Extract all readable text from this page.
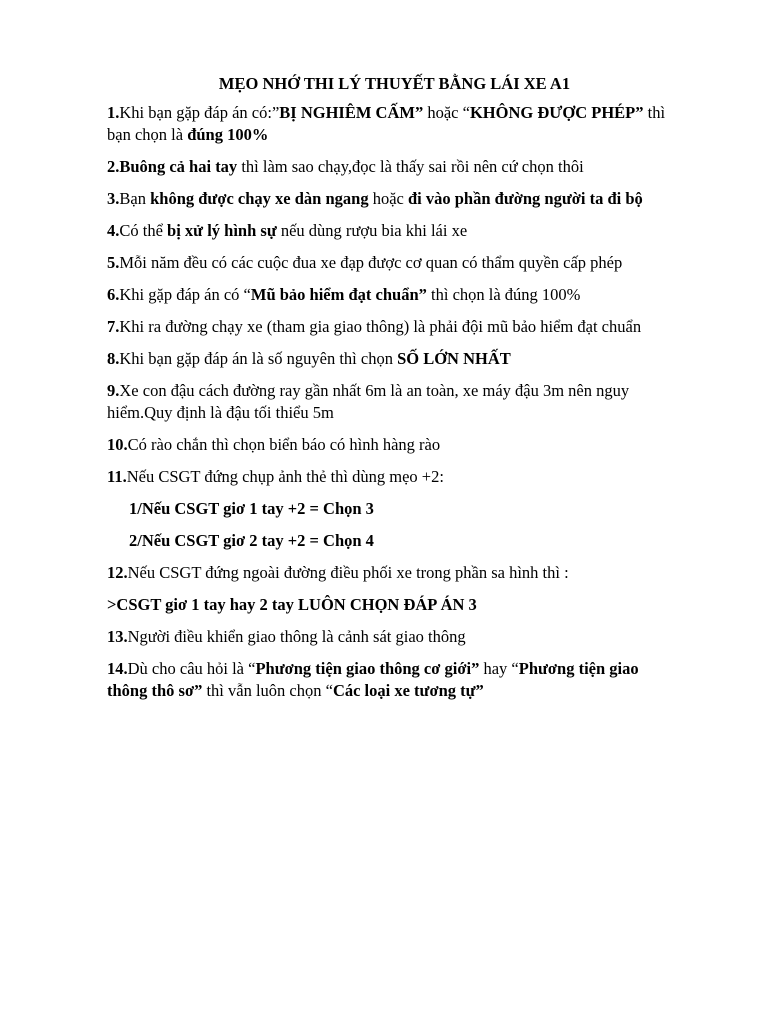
MẸO NHỚ THI LÝ THUYẾT BẰNG LÁI XE A1
1.Khi bạn gặp đáp án có:”BỊ NGHIÊM CẤM” hoặc “KHÔNG ĐƯỢC PHÉP” thì bạn chọn là đúng 100%
2.Buông cả hai tay thì làm sao chạy,đọc là thấy sai rồi nên cứ chọn thôi
3.Bạn không được chạy xe dàn ngang hoặc đi vào phần đường người ta đi bộ
4.Có thể bị xử lý hình sự nếu dùng rượu bia khi lái xe
5.Mỗi năm đều có các cuộc đua xe đạp được cơ quan có thẩm quyền cấp phép
6.Khi gặp đáp án có “Mũ bảo hiểm đạt chuẩn” thì chọn là đúng 100%
7.Khi ra đường chạy xe (tham gia giao thông) là phải đội mũ bảo hiểm đạt chuẩn
8.Khi bạn gặp đáp án là số nguyên thì chọn SỐ LỚN NHẤT
9.Xe con đậu cách đường ray gần nhất 6m là an toàn, xe máy đậu 3m nên nguy hiểm.Quy định là đậu tối thiểu 5m
10.Có rào chắn thì chọn biển báo có hình hàng rào
11.Nếu CSGT đứng chụp ảnh thẻ thì dùng mẹo +2:
1/Nếu CSGT giơ 1 tay +2 = Chọn 3
2/Nếu CSGT giơ 2 tay +2 = Chọn 4
12.Nếu CSGT đứng ngoài đường điều phối xe trong phần sa hình thì :
>CSGT giơ 1 tay hay 2 tay LUÔN CHỌN ĐÁP ÁN 3
13.Người điều khiển giao thông là cảnh sát giao thông
14.Dù cho câu hỏi là “Phương tiện giao thông cơ giới” hay “Phương tiện giao thông thô sơ” thì vẫn luôn chọn “Các loại xe tương tự”
